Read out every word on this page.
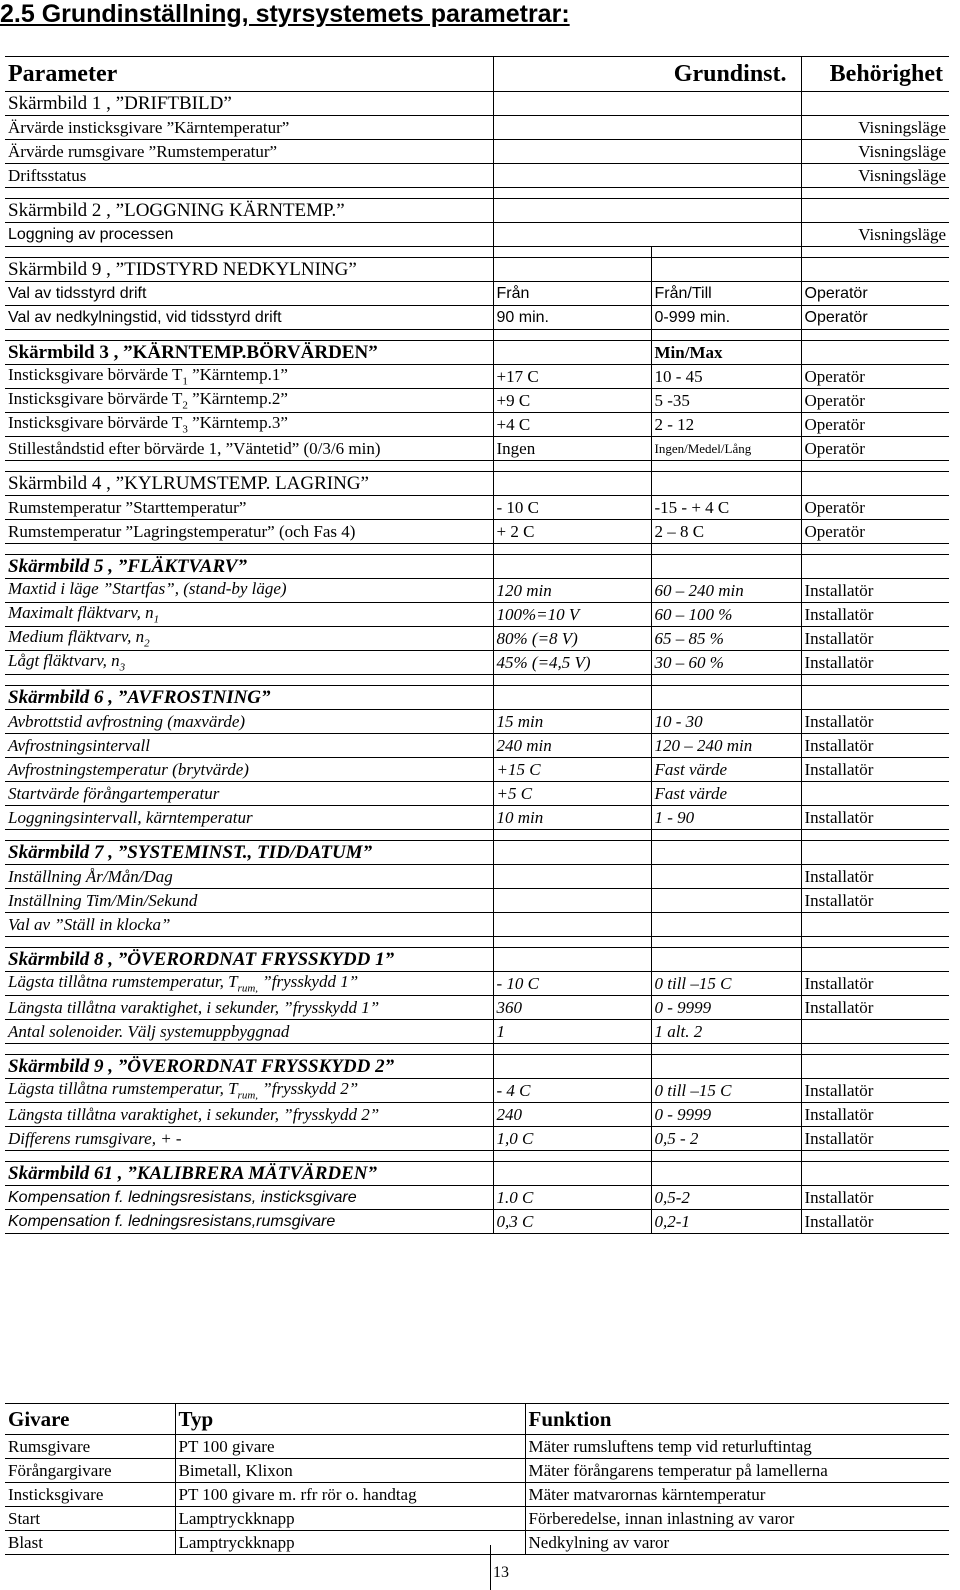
2.5 Grundinställning, styrsystemets parametrar:
Parameter	Grundinst.		Behörighet
Skärmbild 1 , ”DRIFTBILD”			
Ärvärde insticksgivare ”Kärntemperatur”			Visningsläge
Ärvärde rumsgivare ”Rumstemperatur”			Visningsläge
Driftsstatus			Visningsläge

Skärmbild 2 , ”LOGGNING KÄRNTEMP.”			
Loggning av processen			Visningsläge

Skärmbild 9 , ”TIDSTYRD NEDKYLNING”			
Val av tidsstyrd drift	Från	Från/Till	Operatör
Val av nedkylningstid, vid tidsstyrd drift	90 min.	0-999 min.	Operatör

Skärmbild 3 , ”KÄRNTEMP.BÖRVÄRDEN”		Min/Max	
Insticksgivare börvärde $T_1$ ”Kärntemp.1”	+17 C	10 - 45	Operatör
Insticksgivare börvärde $T_2$ ”Kärntemp.2”	+9 C	5 -35	Operatör
Insticksgivare börvärde $T_3$ ”Kärntemp.3”	+4 C	2 - 12	Operatör
Stilleståndstid efter börvärde 1, ”Väntetid” (0/3/6 min)	Ingen	Ingen/Medel/Lång	Operatör

Skärmbild 4 , ”KYLRUMSTEMP. LAGRING”			
Rumstemperatur ”Starttemperatur”	- 10 C	-15 - + 4 C	Operatör
Rumstemperatur ”Lagringstemperatur” (och Fas 4)	+ 2 C	2 – 8 C	Operatör

Skärmbild 5 , ”FLÄKTVARV”			
Maxtid i läge ”Startfas”, (stand-by läge)	120 min	60 – 240 min	Installatör
Maximalt fläktvarv, $n_1$	100%=10 V	60 – 100 %	Installatör
Medium fläktvarv, $n_2$	80% (=8 V)	65 – 85 %	Installatör
Lågt fläktvarv, $n_3$	45% (=4,5 V)	30 – 60 %	Installatör

Skärmbild 6 , ”AVFROSTNING”			
Avbrottstid avfrostning (maxvärde)	15 min	10 - 30	Installatör
Avfrostningsintervall	240 min	120 – 240 min	Installatör
Avfrostningstemperatur (brytvärde)	+15 C	Fast värde	Installatör
Startvärde förångartemperatur	+5 C	Fast värde	
Loggningsintervall, kärntemperatur	10 min	1 - 90	Installatör

Skärmbild 7 , ”SYSTEMINST., TID/DATUM”			
Inställning År/Mån/Dag			Installatör
Inställning Tim/Min/Sekund			Installatör
Val av ”Ställ in klocka”			

Skärmbild 8 , ”ÖVERORDNAT FRYSSKYDD 1”			
Lägsta tillåtna rumstemperatur, $T_{rum,}$ ”frysskydd 1”	- 10 C	0 till –15 C	Installatör
Längsta tillåtna varaktighet, i sekunder, ”frysskydd 1”	360	0 - 9999	Installatör
Antal solenoider. Välj systemuppbyggnad	1	1 alt. 2	

Skärmbild 9 , ”ÖVERORDNAT FRYSSKYDD 2”			
Lägsta tillåtna rumstemperatur, $T_{rum,}$ ”frysskydd 2”	- 4 C	0 till –15 C	Installatör
Längsta tillåtna varaktighet, i sekunder, ”frysskydd 2”	240	0 - 9999	Installatör
Differens rumsgivare, + -	1,0 C	0,5 - 2	Installatör

Skärmbild 61 , ”KALIBRERA MÄTVÄRDEN”			
Kompensation f. ledningsresistans, insticksgivare	1.0 C	0,5-2	Installatör
Kompensation f. ledningsresistans,rumsgivare	0,3 C	0,2-1	Installatör
Givare	Typ	Funktion
Rumsgivare	PT 100 givare	Mäter rumsluftens temp vid returluftintag
Förångargivare	Bimetall, Klixon	Mäter förångarens temperatur på lamellerna
Insticksgivare	PT 100 givare m. rfr rör o. handtag	Mäter matvarornas kärntemperatur
Start	Lamptryckknapp	Förberedelse, innan inlastning av varor
Blast	Lamptryckknapp	Nedkylning av varor
13
